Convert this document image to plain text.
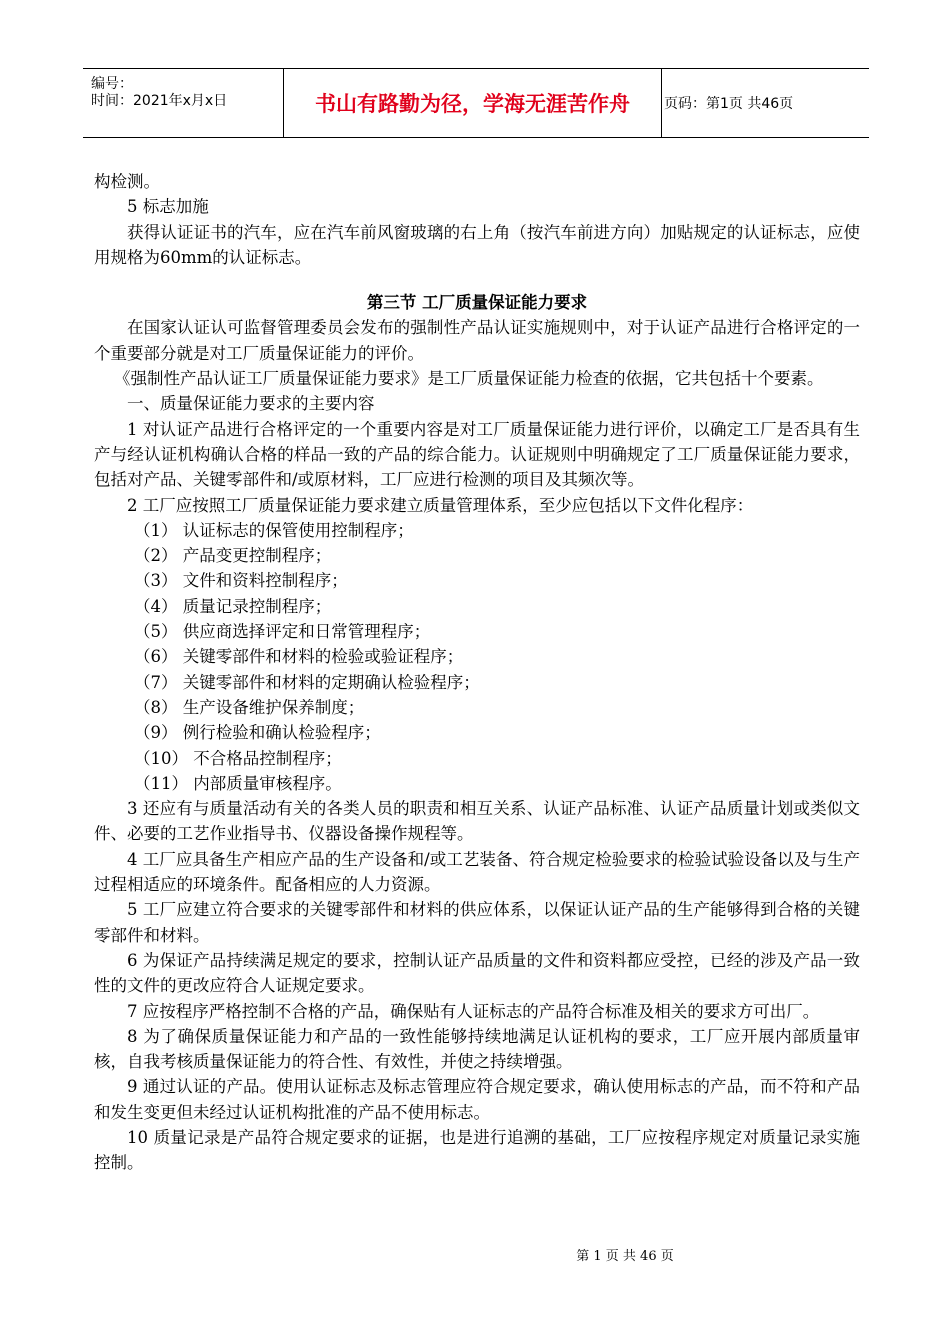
编号：
时间：2021年x月x日	书山有路勤为径，学海无涯苦作舟	页码：第1页 共46页

构检测。

5 标志加施

获得认证证书的汽车，应在汽车前风窗玻璃的右上角（按汽车前进方向）加贴规定的认证标志，应使用规格为60mm的认证标志。

第三节 工厂质量保证能力要求

在国家认证认可监督管理委员会发布的强制性产品认证实施规则中，对于认证产品进行合格评定的一个重要部分就是对工厂质量保证能力的评价。

《强制性产品认证工厂质量保证能力要求》是工厂质量保证能力检查的依据，它共包括十个要素。

一、质量保证能力要求的主要内容

1 对认证产品进行合格评定的一个重要内容是对工厂质量保证能力进行评价，以确定工厂是否具有生产与经认证机构确认合格的样品一致的产品的综合能力。认证规则中明确规定了工厂质量保证能力要求，包括对产品、关键零部件和/或原材料，工厂应进行检测的项目及其频次等。

2 工厂应按照工厂质量保证能力要求建立质量管理体系，至少应包括以下文件化程序：

（1） 认证标志的保管使用控制程序；

（2） 产品变更控制程序；

（3） 文件和资料控制程序；

（4） 质量记录控制程序；

（5） 供应商选择评定和日常管理程序；

（6） 关键零部件和材料的检验或验证程序；

（7） 关键零部件和材料的定期确认检验程序；

（8） 生产设备维护保养制度；

（9） 例行检验和确认检验程序；

（10） 不合格品控制程序；

（11） 内部质量审核程序。

3 还应有与质量活动有关的各类人员的职责和相互关系、认证产品标准、认证产品质量计划或类似文件、必要的工艺作业指导书、仪器设备操作规程等。

4 工厂应具备生产相应产品的生产设备和/或工艺装备、符合规定检验要求的检验试验设备以及与生产过程相适应的环境条件。配备相应的人力资源。

5 工厂应建立符合要求的关键零部件和材料的供应体系，以保证认证产品的生产能够得到合格的关键零部件和材料。

6 为保证产品持续满足规定的要求，控制认证产品质量的文件和资料都应受控，已经的涉及产品一致性的文件的更改应符合人证规定要求。

7 应按程序严格控制不合格的产品，确保贴有人证标志的产品符合标准及相关的要求方可出厂。

8 为了确保质量保证能力和产品的一致性能够持续地满足认证机构的要求，工厂应开展内部质量审核，自我考核质量保证能力的符合性、有效性，并使之持续增强。

9 通过认证的产品。使用认证标志及标志管理应符合规定要求，确认使用标志的产品，而不符和产品和发生变更但未经过认证机构批准的产品不使用标志。

10 质量记录是产品符合规定要求的证据，也是进行追溯的基础，工厂应按程序规定对质量记录实施控制。

第 1 页 共 46 页
